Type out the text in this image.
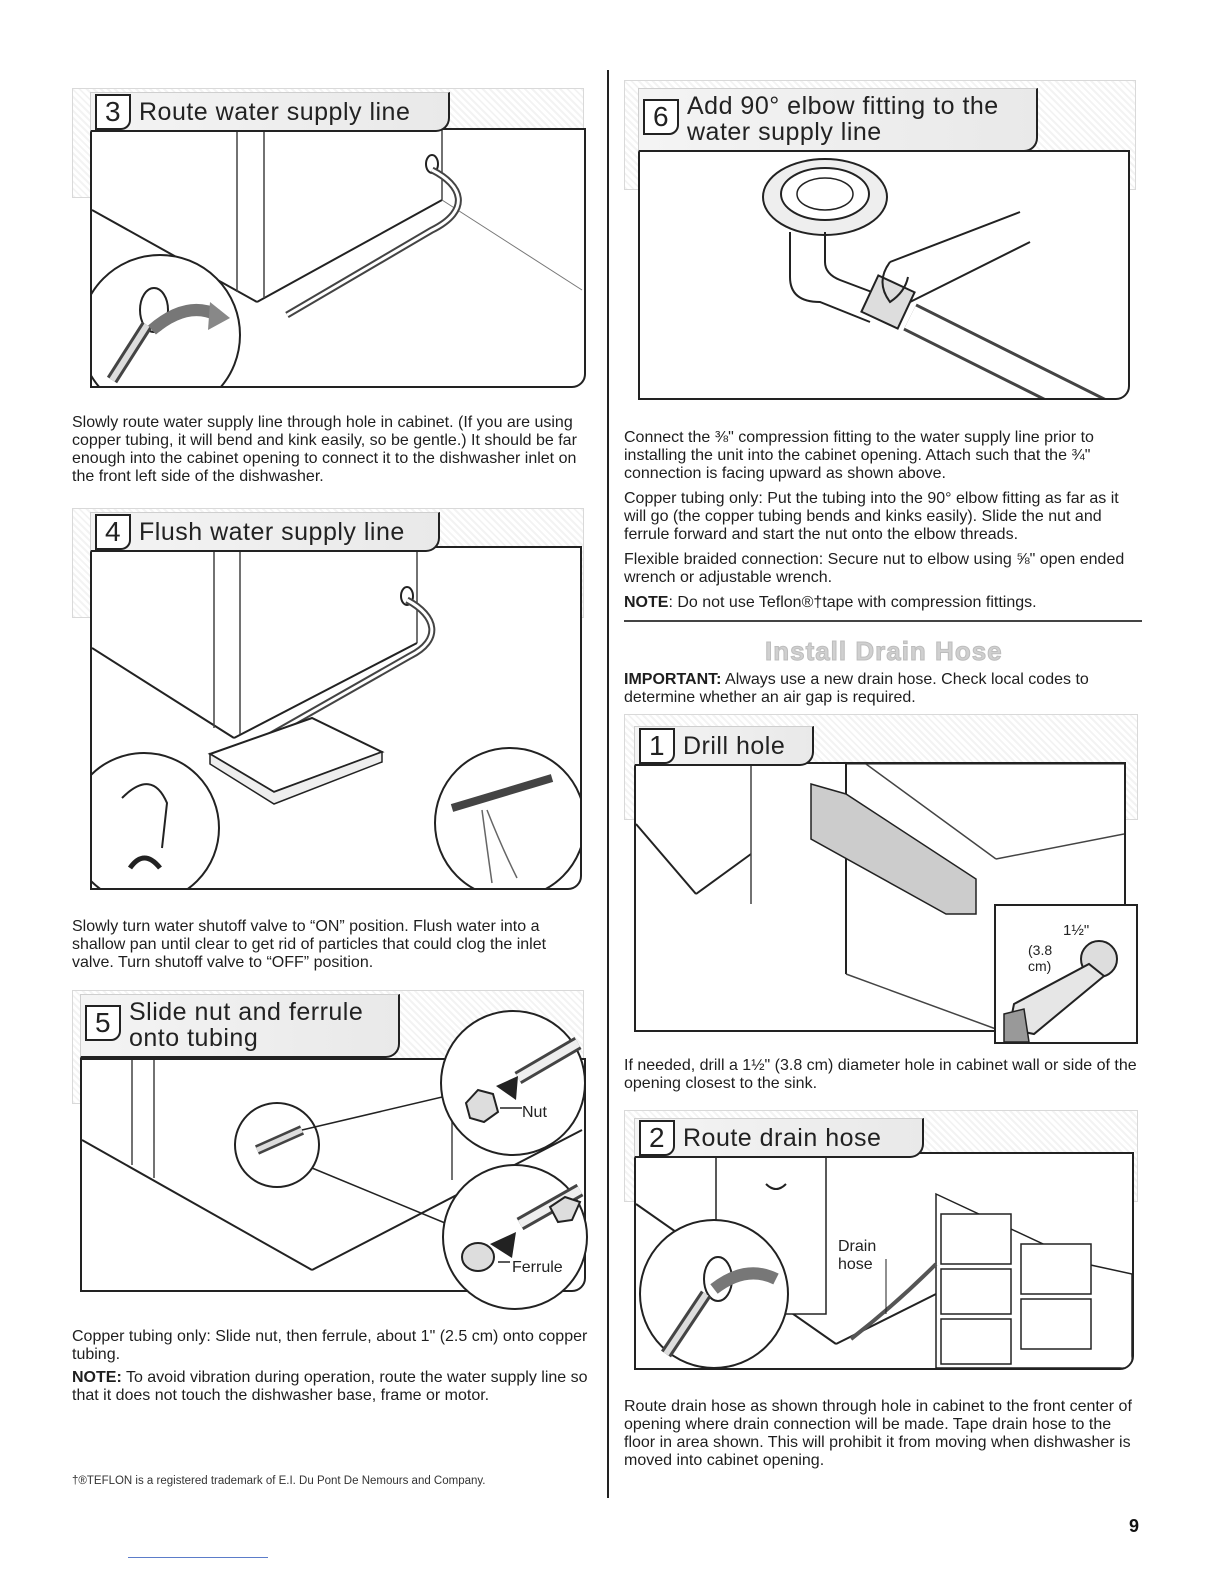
3 Route water supply line

Slowly route water supply line through hole in cabinet. (If you are using copper tubing, it will bend and kink easily, so be gentle.) It should be far enough into the cabinet opening to connect it to the dishwasher inlet on the front left side of the dishwasher.

4 Flush water supply line

Slowly turn water shutoff valve to “ON” position. Flush water into a shallow pan until clear to get rid of particles that could clog the inlet valve. Turn shutoff valve to “OFF” position.

Nut
Ferrule
5 Slide nut and ferrule
onto tubing

Copper tubing only: Slide nut, then ferrule, about 1" (2.5 cm) onto copper tubing.

NOTE: To avoid vibration during operation, route the water supply line so that it does not touch the dishwasher base, frame or motor.

†®TEFLON is a registered trademark of E.I. Du Pont De Nemours and Company.
6 Add 90° elbow fitting to the
water supply line

Connect the ⅜" compression fitting to the water supply line prior to installing the unit into the cabinet opening. Attach such that the ¾" connection is facing upward as shown above.

Copper tubing only: Put the tubing into the 90° elbow fitting as far as it will go (the copper tubing bends and kinks easily). Slide the nut and ferrule forward and start the nut onto the elbow threads.

Flexible braided connection: Secure nut to elbow using ⅝" open ended wrench or adjustable wrench.

NOTE: Do not use Teflon®†tape with compression fittings.

Install Drain Hose

IMPORTANT: Always use a new drain hose. Check local codes to determine whether an air gap is required.

1½"
(3.8 cm)
1 Drill hole

If needed, drill a 1½" (3.8 cm) diameter hole in cabinet wall or side of the opening closest to the sink.

Drain hose
2 Route drain hose

Route drain hose as shown through hole in cabinet to the front center of opening where drain connection will be made. Tape drain hose to the floor in area shown. This will prohibit it from moving when dishwasher is moved into cabinet opening.

9
